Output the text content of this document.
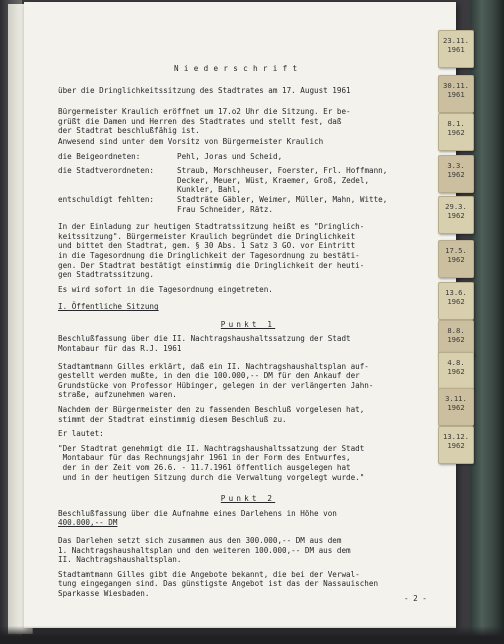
Niederschrift
über die Dringlichkeitssitzung des Stadtrates am 17. August 1961
Bürgermeister Kraulich eröffnet um 17.o2 Uhr die Sitzung. Er be-
grüßt die Damen und Herren des Stadtrates und stellt fest, daß
der Stadtrat beschlußfähig ist.
Anwesend sind unter dem Vorsitz von Bürgermeister Kraulich
die Beigeordneten:	Pehl, Joras und Scheid,
die Stadtverordneten:	Straub, Morschheuser, Foerster, Frl. Hoffmann,
Decker, Meuer, Wüst, Kraemer, Groß, Zedel,
Kunkler, Bahl,
entschuldigt fehlten:	Stadträte Gäbler, Weimer, Müller, Mahn, Witte,
Frau Schneider, Rätz.
In der Einladung zur heutigen Stadtratssitzung heißt es "Dringlich-
keitssitzung". Bürgermeister Kraulich begründet die Dringlichkeit
und bittet den Stadtrat, gem. § 30 Abs. 1 Satz 3 GO. vor Eintritt
in die Tagesordnung die Dringlichkeit der Tagesordnung zu bestäti-
gen. Der Stadtrat bestätigt einstimmig die Dringlichkeit der heuti-
gen Stadtratssitzung.
Es wird sofort in die Tagesordnung eingetreten.
I. Öffentliche Sitzung
Punkt 1
Beschlußfassung über die II. Nachtragshaushaltssatzung der Stadt
Montabaur für das R.J. 1961
Stadtamtmann Gilles erklärt, daß ein II. Nachtragshaushaltsplan auf-
gestellt werden mußte, in den die 100.000,-- DM für den Ankauf der
Grundstücke von Professor Hübinger, gelegen in der verlängerten Jahn-
straße, aufzunehmen waren.
Nachdem der Bürgermeister den zu fassenden Beschluß vorgelesen hat,
stimmt der Stadtrat einstimmig diesem Beschluß zu.
Er lautet:
"Der Stadtrat genehmigt die II. Nachtragshaushaltssatzung der Stadt
Montabaur für das Rechnungsjahr 1961 in der Form des Entwurfes,
der in der Zeit vom 26.6. - 11.7.1961 öffentlich ausgelegen hat
und in der heutigen Sitzung durch die Verwaltung vorgelegt wurde."
Punkt 2
Beschlußfassung über die Aufnahme eines Darlehens in Höhe von
400.000,-- DM
Das Darlehen setzt sich zusammen aus den 300.000,-- DM aus dem
1. Nachtragshaushaltsplan und den weiteren 100.000,-- DM aus dem
II. Nachtragshaushaltsplan.
Stadtamtmann Gilles gibt die Angebote bekannt, die bei der Verwal-
tung eingegangen sind. Das günstigste Angebot ist das der Nassauischen
Sparkasse Wiesbaden.
- 2 -
23.11.
1961
30.11.
1961
8.1.
1962
3.3.
1962
29.3.
1962
17.5.
1962
13.6.
1962
8.8.
1962
4.8.
1962
3.11.
1962
13.12.
1962
